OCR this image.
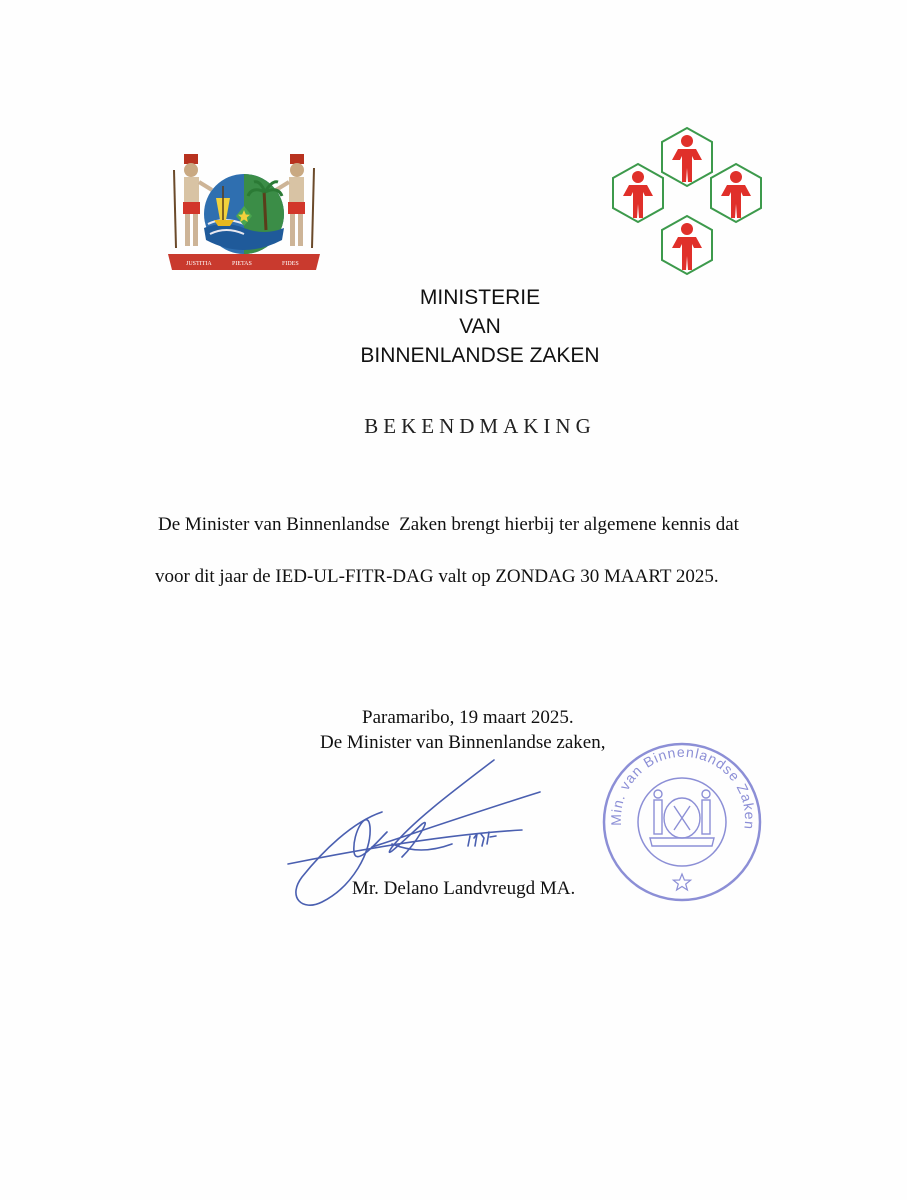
JUSTITIA	PIETAS	FIDES
MINISTERIE
VAN
BINNENLANDSE ZAKEN
BEKENDMAKING
De Minister van Binnenlandse  Zaken brengt hierbij ter algemene kennis dat
voor dit jaar de IED-UL-FITR-DAG valt op ZONDAG 30 MAART 2025.
Paramaribo, 19 maart 2025.
De Minister van Binnenlandse zaken,
Mr. Delano Landvreugd MA.
Min. van Binnenlandse Zaken
